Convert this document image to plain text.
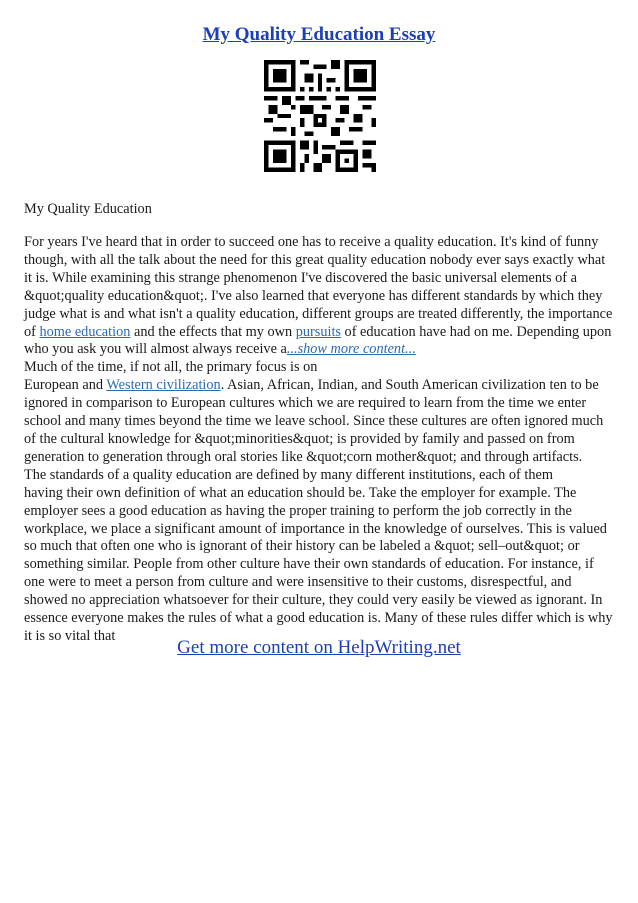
My Quality Education Essay
My Quality Education

For years I've heard that in order to succeed one has to receive a quality education. It's kind of funny though, with all the talk about the need for this great quality education nobody ever says exactly what it is. While examining this strange phenomenon I've discovered the basic universal elements of a &quot;quality education&quot;. I've also learned that everyone has different standards by which they judge what is and what isn't a quality education, different groups are treated differently, the importance of home education and the effects that my own pursuits of education have had on me. Depending upon who you ask you will almost always receive a...show more content...

Much of the time, if not all, the primary focus is on

European and Western civilization. Asian, African, Indian, and South American civilization ten to be ignored in comparison to European cultures which we are required to learn from the time we enter school and many times beyond the time we leave school. Since these cultures are often ignored much of the cultural knowledge for &quot;minorities&quot; is provided by family and passed on from generation to generation through oral stories like &quot;corn mother&quot; and through artifacts.

The standards of a quality education are defined by many different institutions, each of them

having their own definition of what an education should be. Take the employer for example. The employer sees a good education as having the proper training to perform the job correctly in the workplace, we place a significant amount of importance in the knowledge of ourselves. This is valued so much that often one who is ignorant of their history can be labeled a &quot; sell–out&quot; or something similar. People from other culture have their own standards of education. For instance, if one were to meet a person from culture and were insensitive to their customs, disrespectful, and showed no appreciation whatsoever for their culture, they could very easily be viewed as ignorant. In essence everyone makes the rules of what a good education is. Many of these rules differ which is why it is so vital that

Get more content on HelpWriting.net
